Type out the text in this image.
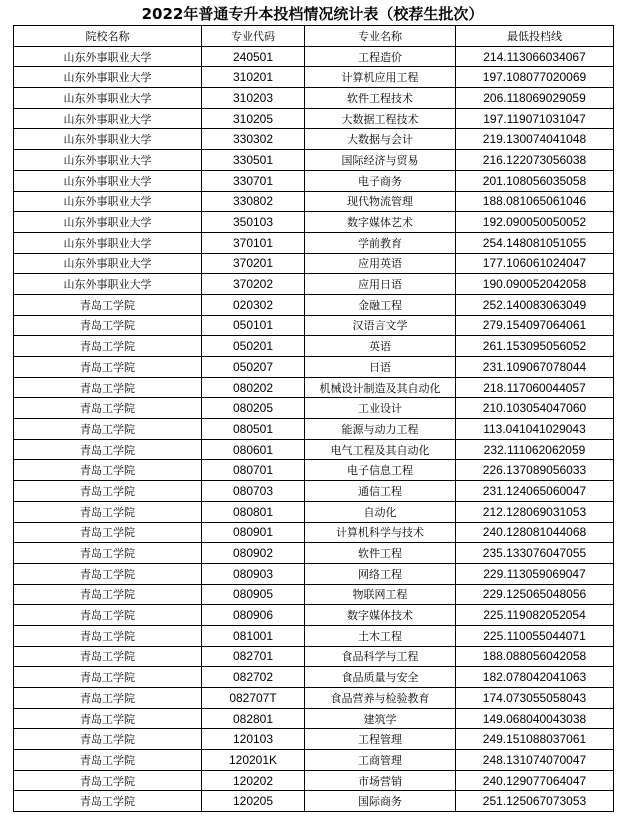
2022年普通专升本投档情况统计表（校荐生批次）
院校名称	专业代码	专业名称	最低投档线
山东外事职业大学	240501	工程造价	214.113066034067
山东外事职业大学	310201	计算机应用工程	197.108077020069
山东外事职业大学	310203	软件工程技术	206.118069029059
山东外事职业大学	310205	大数据工程技术	197.119071031047
山东外事职业大学	330302	大数据与会计	219.130074041048
山东外事职业大学	330501	国际经济与贸易	216.122073056038
山东外事职业大学	330701	电子商务	201.108056035058
山东外事职业大学	330802	现代物流管理	188.081065061046
山东外事职业大学	350103	数字媒体艺术	192.090050050052
山东外事职业大学	370101	学前教育	254.148081051055
山东外事职业大学	370201	应用英语	177.106061024047
山东外事职业大学	370202	应用日语	190.090052042058
青岛工学院	020302	金融工程	252.140083063049
青岛工学院	050101	汉语言文学	279.154097064061
青岛工学院	050201	英语	261.153095056052
青岛工学院	050207	日语	231.109067078044
青岛工学院	080202	机械设计制造及其自动化	218.117060044057
青岛工学院	080205	工业设计	210.103054047060
青岛工学院	080501	能源与动力工程	113.041041029043
青岛工学院	080601	电气工程及其自动化	232.111062062059
青岛工学院	080701	电子信息工程	226.137089056033
青岛工学院	080703	通信工程	231.124065060047
青岛工学院	080801	自动化	212.128069031053
青岛工学院	080901	计算机科学与技术	240.128081044068
青岛工学院	080902	软件工程	235.133076047055
青岛工学院	080903	网络工程	229.113059069047
青岛工学院	080905	物联网工程	229.125065048056
青岛工学院	080906	数字媒体技术	225.119082052054
青岛工学院	081001	土木工程	225.110055044071
青岛工学院	082701	食品科学与工程	188.088056042058
青岛工学院	082702	食品质量与安全	182.078042041063
青岛工学院	082707T	食品营养与检验教育	174.073055058043
青岛工学院	082801	建筑学	149.068040043038
青岛工学院	120103	工程管理	249.151088037061
青岛工学院	120201K	工商管理	248.131074070047
青岛工学院	120202	市场营销	240.129077064047
青岛工学院	120205	国际商务	251.125067073053
